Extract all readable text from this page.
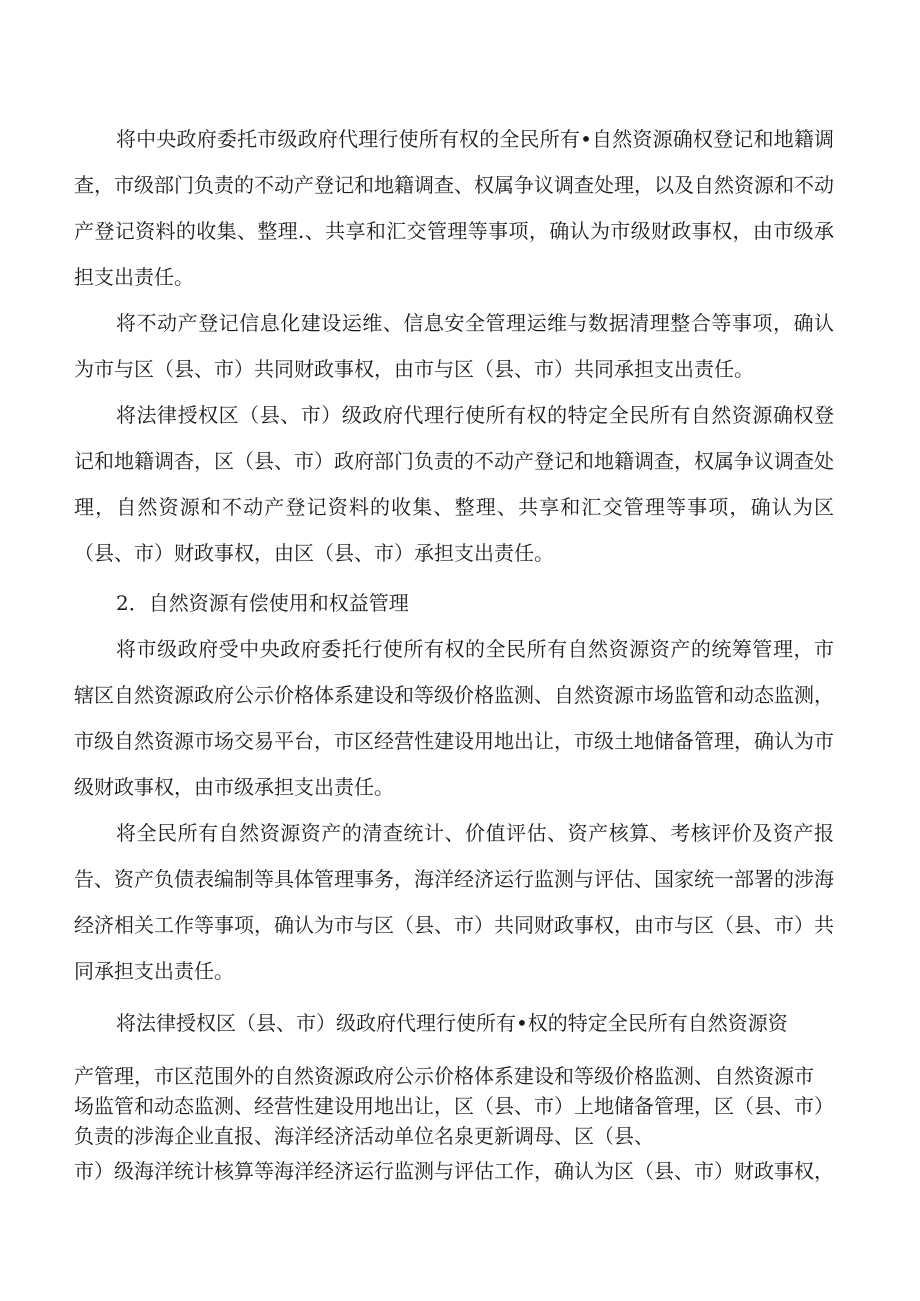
将中央政府委托市级政府代理行使所有权的全民所有•自然资源确权登记和地籍调查，市级部门负责的不动产登记和地籍调查、权属争议调查处理，以及自然资源和不动产登记资料的收集、整理.、共享和汇交管理等事项，确认为市级财政事权，由市级承担支出责任。

将不动产登记信息化建设运维、信息安全管理运维与数据清理整合等事项，确认为市与区（县、市）共同财政事权，由市与区（县、市）共同承担支出责任。

将法律授权区（县、市）级政府代理行使所有权的特定全民所有自然资源确权登记和地籍调杳，区（县、市）政府部门负责的不动产登记和地籍调查，权属争议调查处理，自然资源和不动产登记资料的收集、整理、共享和汇交管理等事项，确认为区（县、市）财政事权，由区（县、市）承担支出责任。

2．自然资源有偿使用和权益管理

将市级政府受中央政府委托行使所有权的全民所有自然资源资产的统筹管理，市辖区自然资源政府公示价格体系建设和等级价格监测、自然资源市场监管和动态监测，市级自然资源市场交易平台，市区经营性建设用地出让，市级土地储备管理，确认为市级财政事权，由市级承担支出责任。

将全民所有自然资源资产的清查统计、价值评估、资产核算、考核评价及资产报告、资产负债表编制等具体管理事务，海洋经济运行监测与评估、国家统一部署的涉海经济相关工作等事项，确认为市与区（县、市）共同财政事权，由市与区（县、市）共同承担支出责任。

将法律授权区（县、市）级政府代理行使所有•权的特定全民所有自然资源资

产管理，市区范围外的自然资源政府公示价格体系建设和等级价格监测、自然资源市

场监管和动态监测、经营性建设用地出让，区（县、市）上地储备管理，区（县、市）

负责的涉海企业直报、海洋经济活动单位名泉更新调母、区（县、

市）级海洋统计核算等海洋经济运行监测与评估工作，确认为区（县、市）财政事权，
